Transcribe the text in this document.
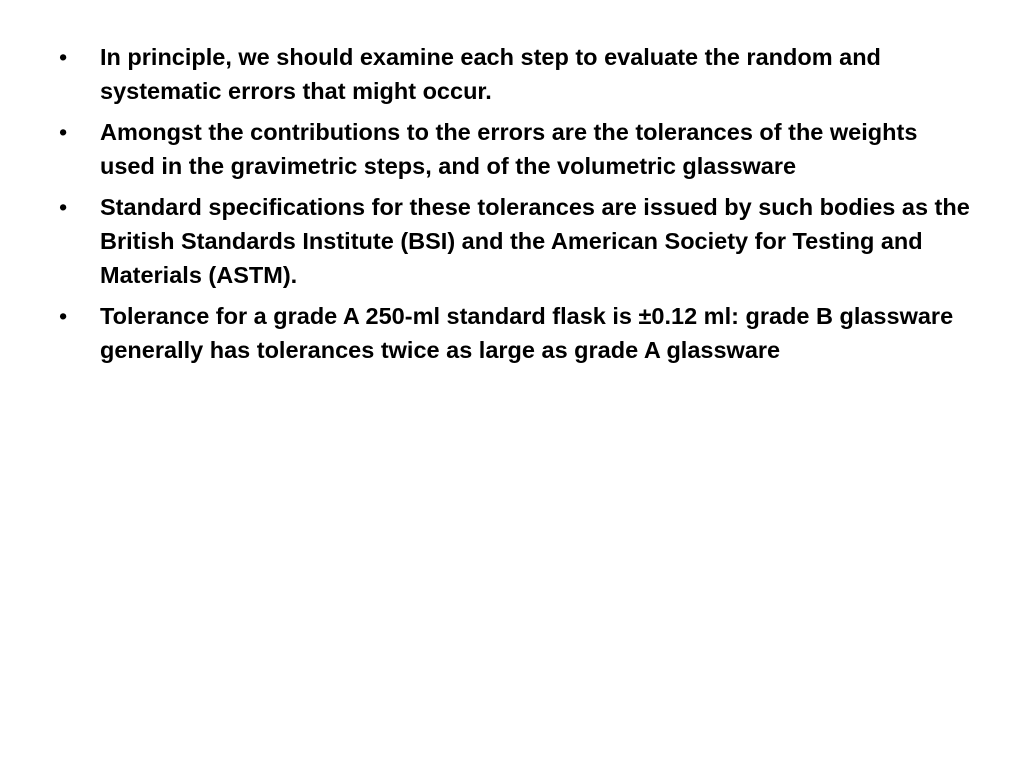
• In principle, we should examine each step to evaluate the random and systematic errors that might occur.
• Amongst the contributions to the errors are the tolerances of the weights used in the gravimetric steps, and of the volumetric glassware
• Standard specifications for these tolerances are issued by such bodies as the British Standards Institute (BSI) and the American Society for Testing and Materials (ASTM).
• Tolerance for a grade A 250-ml standard flask is ±0.12 ml: grade B glassware generally has tolerances twice as large as grade A glassware
